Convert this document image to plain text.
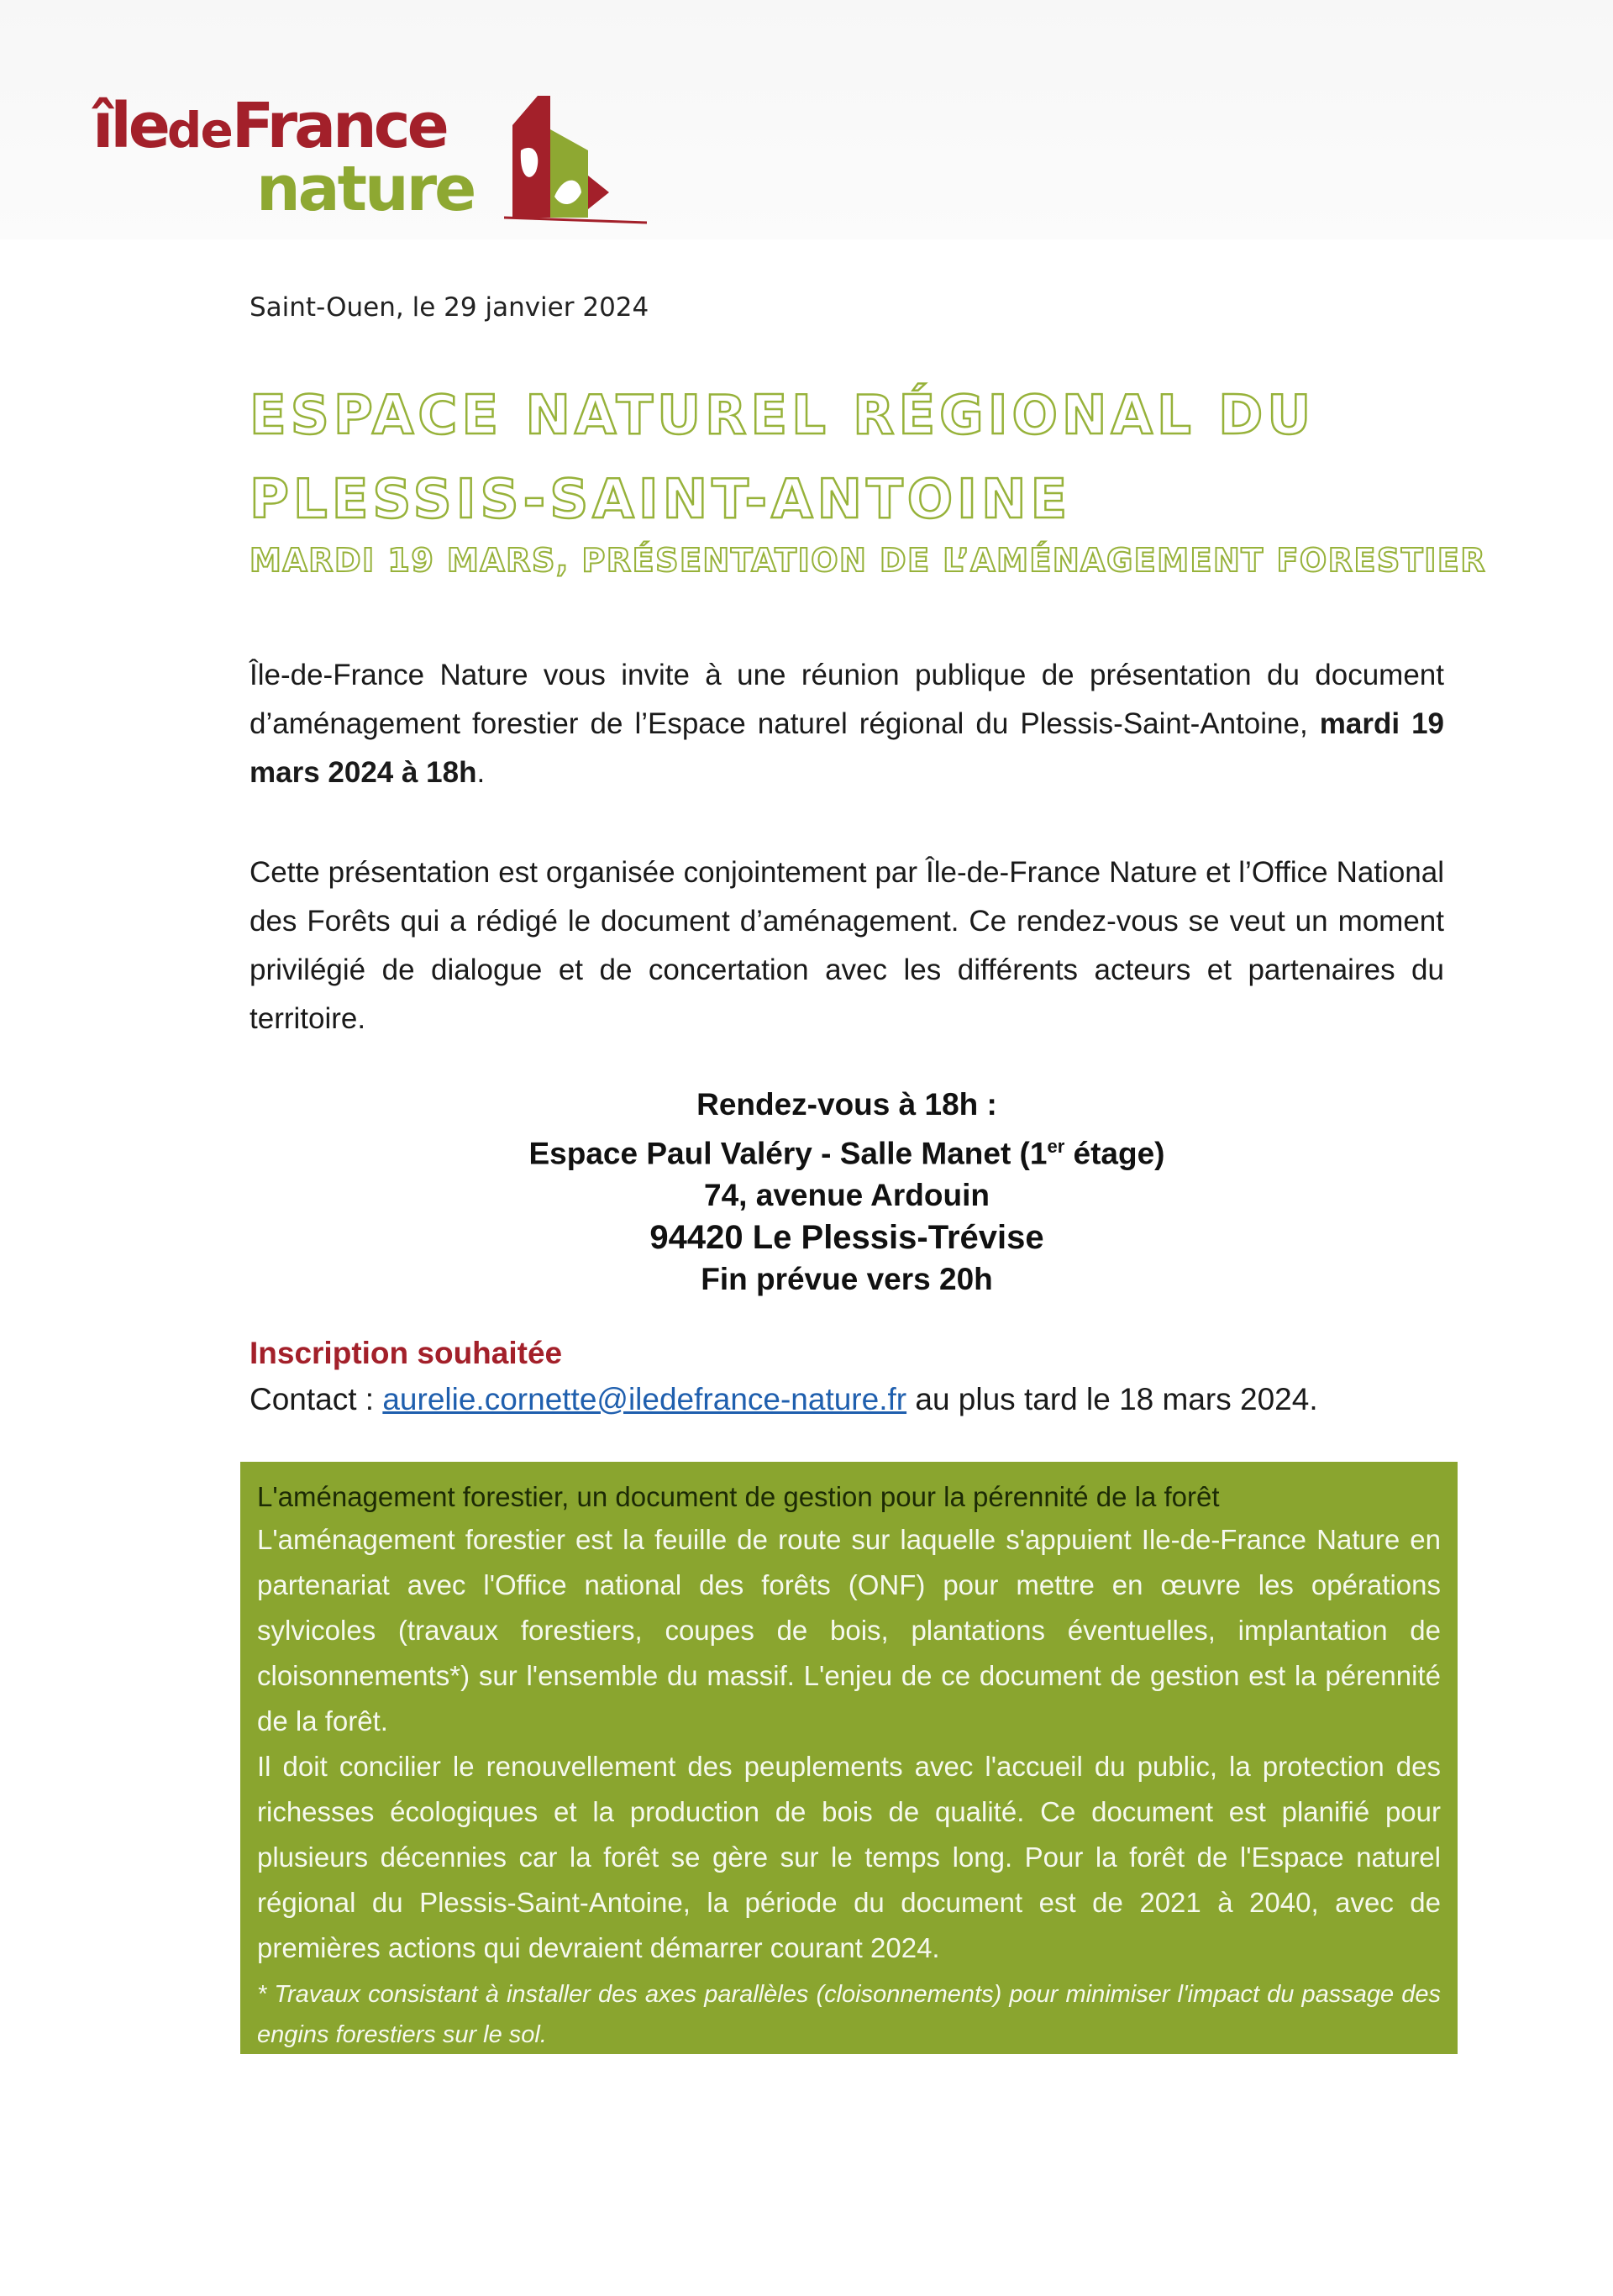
îledeFrance
nature
Saint-Ouen, le 29 janvier 2024
ESPACE NATUREL RÉGIONAL DU PLESSIS-SAINT-ANTOINE
MARDI 19 MARS, PRÉSENTATION DE L’AMÉNAGEMENT FORESTIER
Île-de-France Nature vous invite à une réunion publique de présentation du document d’aménagement forestier de l’Espace naturel régional du Plessis-Saint-Antoine, mardi 19 mars 2024 à 18h.
Cette présentation est organisée conjointement par Île-de-France Nature et l’Office National des Forêts qui a rédigé le document d’aménagement. Ce rendez-vous se veut un moment privilégié de dialogue et de concertation avec les différents acteurs et partenaires du territoire.
Rendez-vous à 18h :
Espace Paul Valéry - Salle Manet (1er étage)
74, avenue Ardouin
94420 Le Plessis-Trévise
Fin prévue vers 20h
Inscription souhaitée
Contact : aurelie.cornette@iledefrance-nature.fr au plus tard le 18 mars 2024.
L'aménagement forestier, un document de gestion pour la pérennité de la forêt

L'aménagement forestier est la feuille de route sur laquelle s'appuient Ile-de-France Nature en partenariat avec l'Office national des forêts (ONF) pour mettre en œuvre les opérations sylvicoles (travaux forestiers, coupes de bois, plantations éventuelles, implantation de cloisonnements*) sur l'ensemble du massif. L'enjeu de ce document de gestion est la pérennité de la forêt.

Il doit concilier le renouvellement des peuplements avec l'accueil du public, la protection des richesses écologiques et la production de bois de qualité. Ce document est planifié pour plusieurs décennies car la forêt se gère sur le temps long. Pour la forêt de l'Espace naturel régional du Plessis-Saint-Antoine, la période du document est de 2021 à 2040, avec de premières actions qui devraient démarrer courant 2024.

* Travaux consistant à installer des axes parallèles (cloisonnements) pour minimiser l'impact du passage des engins forestiers sur le sol.
